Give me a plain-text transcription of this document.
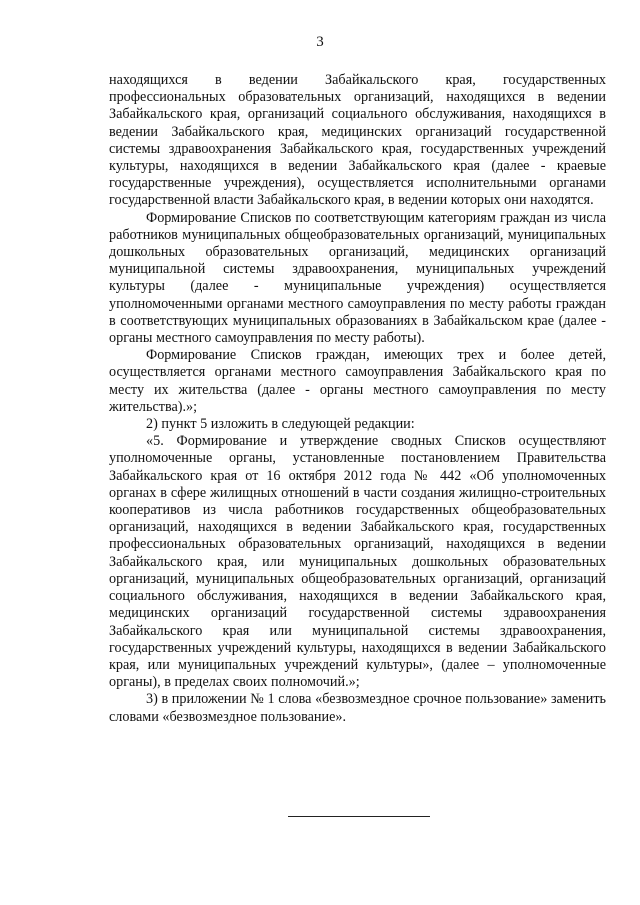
3

находящихся в ведении Забайкальского края, государственных профессиональных образовательных организаций, находящихся в ведении Забайкальского края, организаций социального обслуживания, находящихся в ведении Забайкальского края, медицинских организаций государственной системы здравоохранения Забайкальского края, государственных учреждений культуры, находящихся в ведении Забайкальского края (далее - краевые государственные учреждения), осуществляется исполнительными органами государственной власти Забайкальского края, в ведении которых они находятся.

Формирование Списков по соответствующим категориям граждан из числа работников муниципальных общеобразовательных организаций, муниципальных дошкольных образовательных организаций, медицинских организаций муниципальной системы здравоохранения, муниципальных учреждений культуры (далее - муниципальные учреждения) осуществляется уполномоченными органами местного самоуправления по месту работы граждан в соответствующих муниципальных образованиях в Забайкальском крае (далее - органы местного самоуправления по месту работы).

Формирование Списков граждан, имеющих трех и более детей, осуществляется органами местного самоуправления Забайкальского края по месту их жительства (далее - органы местного самоуправления по месту жительства).»;

2) пункт 5 изложить в следующей редакции:

«5. Формирование и утверждение сводных Списков осуществляют уполномоченные органы, установленные постановлением Правительства Забайкальского края от 16 октября 2012 года № 442 «Об уполномоченных органах в сфере жилищных отношений в части создания жилищно-строительных кооперативов из числа работников государственных общеобразовательных организаций, находящихся в ведении Забайкальского края, государственных профессиональных образовательных организаций, находящихся в ведении Забайкальского края, или муниципальных дошкольных образовательных организаций, муниципальных общеобразовательных организаций, организаций социального обслуживания, находящихся в ведении Забайкальского края, медицинских организаций государственной системы здравоохранения Забайкальского края или муниципальной системы здравоохранения, государственных учреждений культуры, находящихся в ведении Забайкальского края, или муниципальных учреждений культуры», (далее – уполномоченные органы), в пределах своих полномочий.»;

3) в приложении № 1 слова «безвозмездное срочное пользование» заменить словами «безвозмездное пользование».
